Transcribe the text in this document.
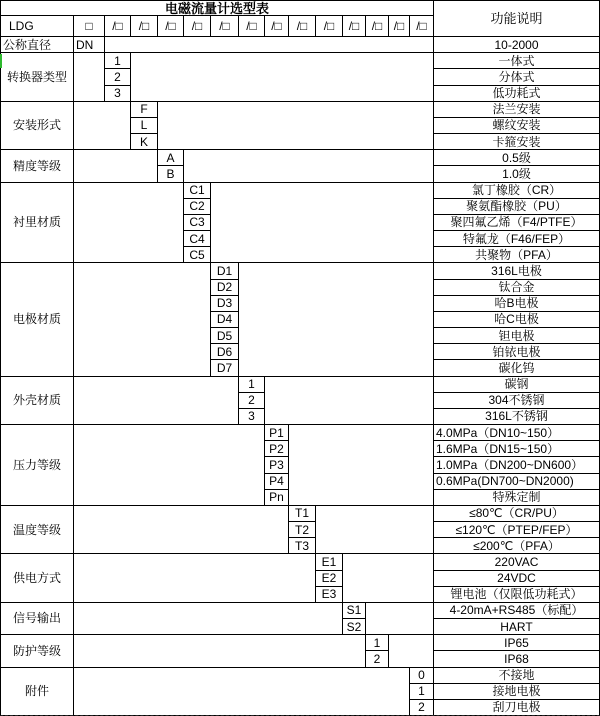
电磁流量计选型表
功能说明
LDG	□	/□	/□	/□	/□	/□	/□	/□	/□	/□	/□	/□ /□ /□
公称直径	DN	10-2000
转换器类型
1	一体式
2	分体式
3	低功耗式
安装形式
F	法兰安装
L	螺纹安装
K	卡箍安装
精度等级
A	0.5级
B	1.0级
衬里材质
C1	氯丁橡胶（CR）
C2	聚氨酯橡胶（PU）
C3	聚四氟乙烯（F4/PTFE）
C4	特氟龙（F46/FEP）
C5	共聚物（PFA）
电极材质
D1	316L电极
D2	钛合金
D3	哈B电极
D4	哈C电极
D5	钽电极
D6	铂铱电极
D7	碳化钨
外壳材质
1	碳钢
2	304不锈钢
3	316L不锈钢
压力等级
P1	4.0MPa（DN10~150）
P2	1.6MPa（DN15~150）
P3	1.0MPa（DN200~DN600）
P4	0.6MPa(DN700~DN2000)
Pn	特殊定制
温度等级
T1	≤80℃（CR/PU）
T2	≤120℃（PTEP/FEP）
T3	≤200℃（PFA）
供电方式
E1	220VAC
E2	24VDC
E3	锂电池（仅限低功耗式）
信号输出
S1	4-20mA+RS485（标配）
S2	HART
防护等级
1	IP65
2	IP68
附件
0	不接地
1	接地电极
2	刮刀电极
